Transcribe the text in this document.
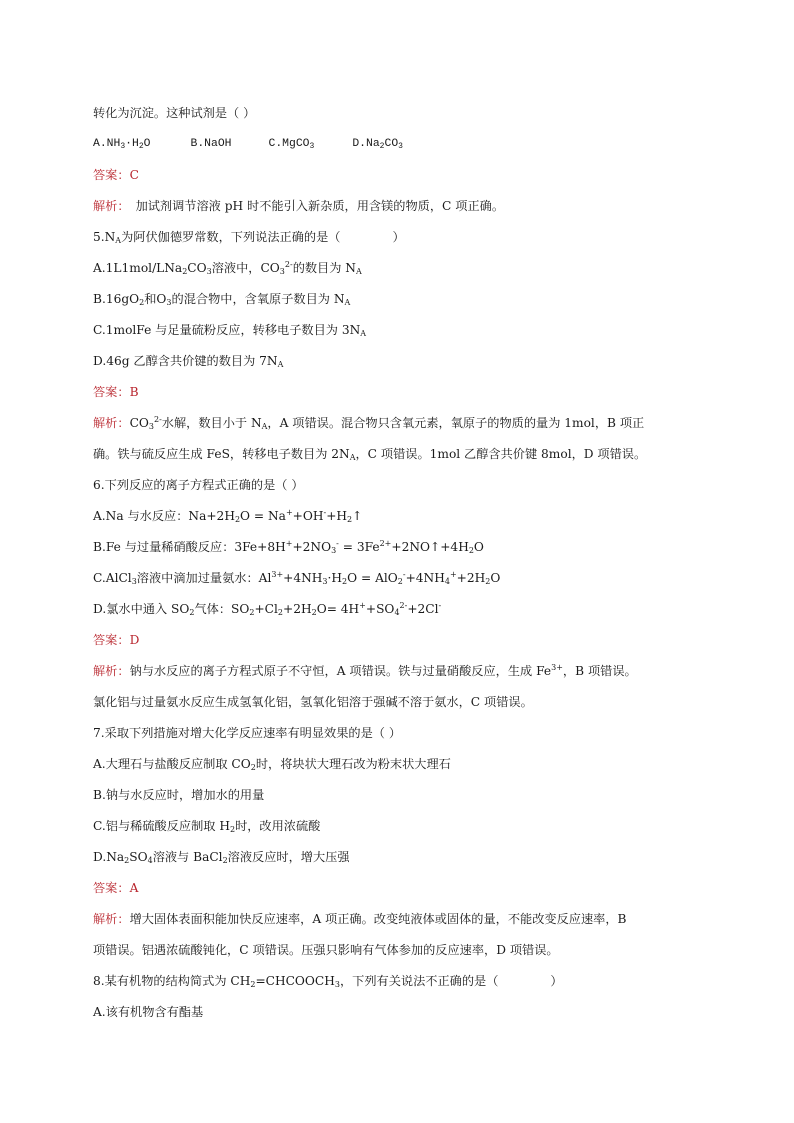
转化为沉淀。这种试剂是（ ）
$A.NH_3\cdot H_2O$	B.NaOH	C.MgCO$_3$	$D.Na_2CO_3$
答案：C
解析： 加试剂调节溶液 pH 时不能引入新杂质，用含镁的物质，C 项正确。
$5.N_A$为阿伏伽德罗常数，下列说法正确的是（	）
$A.1L1mol/LNa_2CO_3$溶液中，$CO_3^{2-}$的数目为 $N_A$
$B.16gO_2$和$O_3$的混合物中，含氧原子数目为 $N_A$
C.1molFe 与足量硫粉反应，转移电子数目为 $3N_A$
D.46g 乙醇含共价键的数目为 $7N_A$
答案：B
解析：$CO_3^{2-}$水解，数目小于 $N_A$，A 项错误。混合物只含氧元素，氧原子的物质的量为 1mol，B 项正
确。铁与硫反应生成 FeS，转移电子数目为 $2N_A$，C 项错误。1mol 乙醇含共价键 8mol，D 项错误。
6.下列反应的离子方程式正确的是（ ）
A.Na 与水反应：$Na+2H_2O$ = $Na^++OH^-+H_2↑$
B.Fe 与过量稀硝酸反应：$3Fe+8H^++2NO_3^-$ = $3Fe^{2+}+2NO↑+4H_2O$
C.AlCl$_3$溶液中滴加过量氨水：$Al^{3+}+4NH_3\cdot H_2O = AlO_2^-+4NH_4^++2H_2O$
D.氯水中通入 $SO_2$气体：$SO_2+Cl_2+2H_2O= 4H^++SO_4^{2-}+2Cl^-$
答案：D
解析：钠与水反应的离子方程式原子不守恒，A 项错误。铁与过量硝酸反应，生成 $Fe^{3+}$，B 项错误。
氯化铝与过量氨水反应生成氢氧化铝，氢氧化铝溶于强碱不溶于氨水，C 项错误。
7.采取下列措施对增大化学反应速率有明显效果的是（ ）
A.大理石与盐酸反应制取 $CO_2$时，将块状大理石改为粉末状大理石
B.钠与水反应时，增加水的用量
C.铝与稀硫酸反应制取 $H_2$时，改用浓硫酸
$D.Na_2SO_4$溶液与 BaCl$_2$溶液反应时，增大压强
答案：A
解析：增大固体表面积能加快反应速率，A 项正确。改变纯液体或固体的量，不能改变反应速率，B
项错误。铝遇浓硫酸钝化，C 项错误。压强只影响有气体参加的反应速率，D 项错误。
8.某有机物的结构简式为 $CH_2=CHCOOCH_3$，下列有关说法不正确的是（	）
A.该有机物含有酯基
